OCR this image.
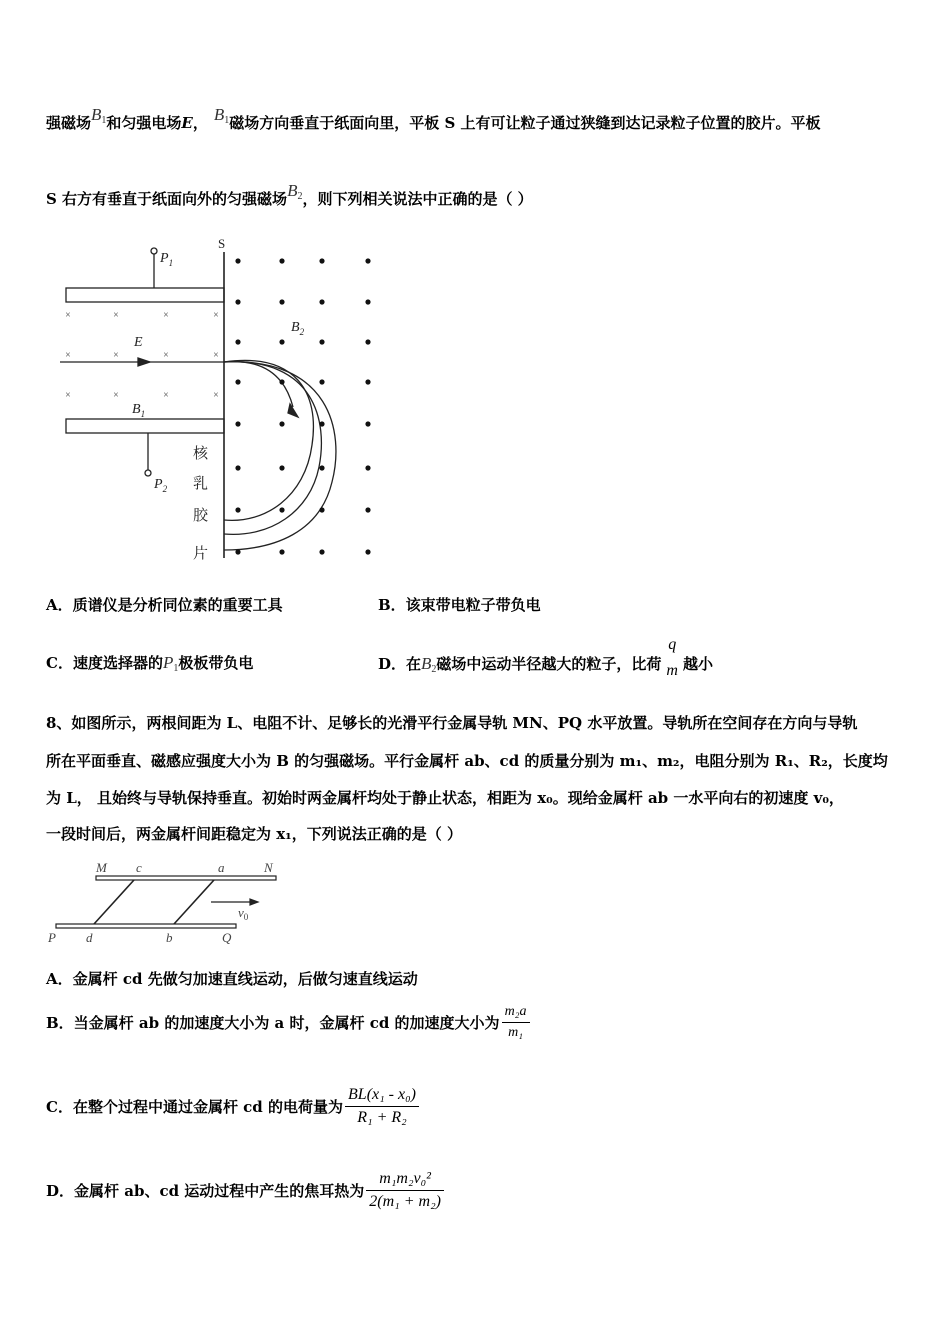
强磁场$B_1$和匀强电场E， $B_1$磁场方向垂直于纸面向里，平板 S 上有可让粒子通过狭缝到达记录粒子位置的胶片。平板
S 右方有垂直于纸面向外的匀强磁场$B_2$，则下列相关说法中正确的是（ ）
×	×	×	×
×	×	×	×
×	×	×	×
$P_1$
$P_2$
S
E
$B_1$
$B_2$
核
乳
胶
片
A．质谱仪是分析同位素的重要工具	B．该束带电粒子带负电
C．速度选择器的$P_1$极板带负电	D．在$B_2$磁场中运动半径越大的粒子，比荷
q
m 越小
8、如图所示，两根间距为 L、电阻不计、足够长的光滑平行金属导轨 MN、PQ 水平放置。导轨所在空间存在方向与导轨
所在平面垂直、磁感应强度大小为 B 的匀强磁场。平行金属杆 ab、cd 的质量分别为 m₁、m₂，电阻分别为 R₁、R₂，长度均
为 L， 且始终与导轨保持垂直。初始时两金属杆均处于静止状态，相距为 x₀。现给金属杆 ab 一水平向右的初速度 v₀，
一段时间后，两金属杆间距稳定为 x₁，下列说法正确的是（ ）
M c	a	N
P d	b	Q
$v_0$
A．金属杆 cd 先做匀加速直线运动，后做匀速直线运动
B．当金属杆 ab 的加速度大小为 a 时，金属杆 cd 的加速度大小为 $\frac{\text{m₂a}}{\text{m₁}}$
C．在整个过程中通过金属杆 cd 的电荷量为 $\frac{\text{BL(x₁ - x₀)}}{\text{R₁ + R₂}}$
D．金属杆 ab、cd 运动过程中产生的焦耳热为 $\frac{\text{m₁m₂v₀²}}{\text{2(m₁ + m₂)}}$
